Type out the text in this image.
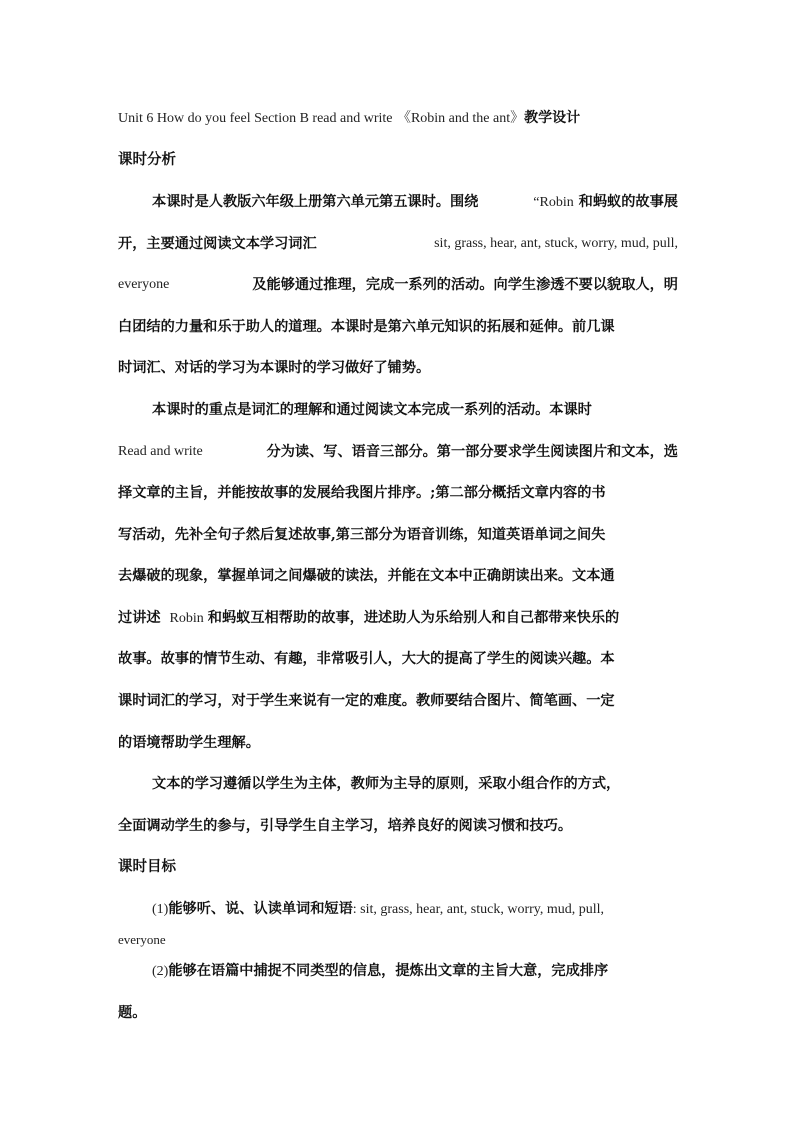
Unit 6 How do you feel Section B read and write 《Robin and the ant》教学设计
课时分析
本课时是人教版六年级上册第六单元第五课时。围绕	“Robin 和蚂蚁的故事展
开，主要通过阅读文本学习词汇	sit, grass, hear, ant, stuck, worry, mud, pull,
everyone	及能够通过推理，完成一系列的活动。向学生渗透不要以貌取人，明
白团结的力量和乐于助人的道理。本课时是第六单元知识的拓展和延伸。前几课
时词汇、对话的学习为本课时的学习做好了铺势。
本课时的重点是词汇的理解和通过阅读文本完成一系列的活动。本课时
Read and write	分为读、写、语音三部分。第一部分要求学生阅读图片和文本，选
择文章的主旨，并能按故事的发展给我图片排序。;第二部分概括文章内容的书
写活动，先补全句子然后复述故事,第三部分为语音训练，知道英语单词之间失
去爆破的现象，掌握单词之间爆破的读法，并能在文本中正确朗读出来。文本通
过讲述 Robin 和蚂蚁互相帮助的故事，进述助人为乐给别人和自己都带来快乐的
故事。故事的情节生动、有趣，非常吸引人，大大的提高了学生的阅读兴趣。本
课时词汇的学习，对于学生来说有一定的难度。教师要结合图片、简笔画、一定
的语境帮助学生理解。
文本的学习遵循以学生为主体，教师为主导的原则，采取小组合作的方式，
全面调动学生的参与，引导学生自主学习，培养良好的阅读习惯和技巧。
课时目标
(1)能够听、说、认读单词和短语: sit, grass, hear, ant, stuck, worry, mud, pull,
everyone
(2)能够在语篇中捕捉不同类型的信息，提炼出文章的主旨大意，完成排序
题。
